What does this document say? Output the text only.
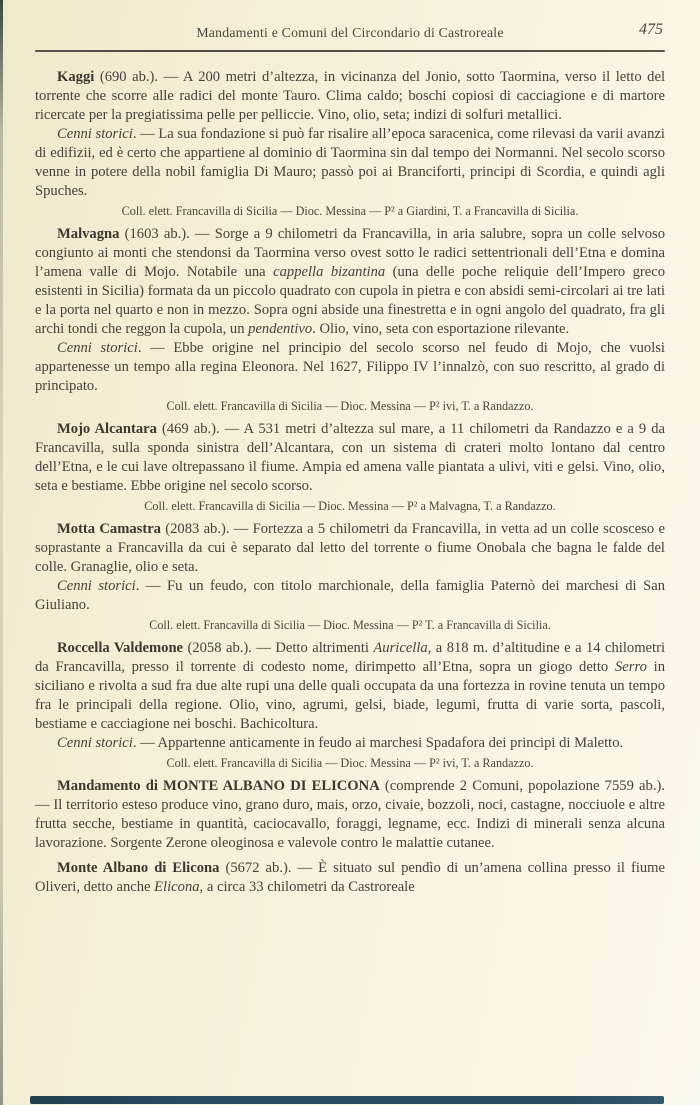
Mandamenti e Comuni del Circondario di Castroreale	475

Kaggi (690 ab.). — A 200 metri d’altezza, in vicinanza del Jonio, sotto Taormina, verso il letto del torrente che scorre alle radici del monte Tauro. Clima caldo; boschi copiosi di cacciagione e di martore ricercate per la pregiatissima pelle per pelliccie. Vino, olio, seta; indizi di solfuri metallici.

Cenni storici. — La sua fondazione si può far risalire all’epoca saracenica, come rilevasi da varii avanzi di edifizii, ed è certo che appartiene al dominio di Taormina sin dal tempo dei Normanni. Nel secolo scorso venne in potere della nobil famiglia Di Mauro; passò poi ai Branciforti, principi di Scordia, e quindi agli Spuches.

Coll. elett. Francavilla di Sicilia — Dioc. Messina — P² a Giardini, T. a Francavilla di Sicilia.

Malvagna (1603 ab.). — Sorge a 9 chilometri da Francavilla, in aria salubre, sopra un colle selvoso congiunto ai monti che stendonsi da Taormina verso ovest sotto le radici settentrionali dell’Etna e domina l’amena valle di Mojo. Notabile una cappella bizantina (una delle poche reliquie dell’Impero greco esistenti in Sicilia) formata da un piccolo quadrato con cupola in pietra e con absidi semi-circolari ai tre lati e la porta nel quarto e non in mezzo. Sopra ogni abside una finestretta e in ogni angolo del quadrato, fra gli archi tondi che reggon la cupola, un pendentivo. Olio, vino, seta con esportazione rilevante.

Cenni storici. — Ebbe origine nel principio del secolo scorso nel feudo di Mojo, che vuolsi appartenesse un tempo alla regina Eleonora. Nel 1627, Filippo IV l’innalzò, con suo rescritto, al grado di principato.

Coll. elett. Francavilla di Sicilia — Dioc. Messina — P² ivi, T. a Randazzo.

Mojo Alcantara (469 ab.). — A 531 metri d’altezza sul mare, a 11 chilometri da Randazzo e a 9 da Francavilla, sulla sponda sinistra dell’Alcantara, con un sistema di crateri molto lontano dal centro dell’Etna, e le cui lave oltrepassano il fiume. Ampia ed amena valle piantata a ulivi, viti e gelsi. Vino, olio, seta e bestiame. Ebbe origine nel secolo scorso.

Coll. elett. Francavilla di Sicilia — Dioc. Messina — P² a Malvagna, T. a Randazzo.

Motta Camastra (2083 ab.). — Fortezza a 5 chilometri da Francavilla, in vetta ad un colle scosceso e soprastante a Francavilla da cui è separato dal letto del torrente o fiume Onobala che bagna le falde del colle. Granaglie, olio e seta.

Cenni storici. — Fu un feudo, con titolo marchionale, della famiglia Paternò dei marchesi di San Giuliano.

Coll. elett. Francavilla di Sicilia — Dioc. Messina — P² T. a Francavilla di Sicilia.

Roccella Valdemone (2058 ab.). — Detto altrimenti Auricella, a 818 m. d’altitudine e a 14 chilometri da Francavilla, presso il torrente di codesto nome, dirimpetto all’Etna, sopra un giogo detto Serro in siciliano e rivolta a sud fra due alte rupi una delle quali occupata da una fortezza in rovine tenuta un tempo fra le principali della regione. Olio, vino, agrumi, gelsi, biade, legumi, frutta di varie sorta, pascoli, bestiame e cacciagione nei boschi. Bachicoltura.

Cenni storici. — Appartenne anticamente in feudo ai marchesi Spadafora dei principi di Maletto.

Coll. elett. Francavilla di Sicilia — Dioc. Messina — P² ivi, T. a Randazzo.

Mandamento di MONTE ALBANO DI ELICONA (comprende 2 Comuni, popolazione 7559 ab.). — Il territorio esteso produce vino, grano duro, mais, orzo, civaie, bozzoli, noci, castagne, nocciuole e altre frutta secche, bestiame in quantità, caciocavallo, foraggi, legname, ecc. Indizi di minerali senza alcuna lavorazione. Sorgente Zerone oleoginosa e valevole contro le malattie cutanee.

Monte Albano di Elicona (5672 ab.). — È situato sul pendìo di un’amena collina presso il fiume Oliveri, detto anche Elicona, a circa 33 chilometri da Castroreale
